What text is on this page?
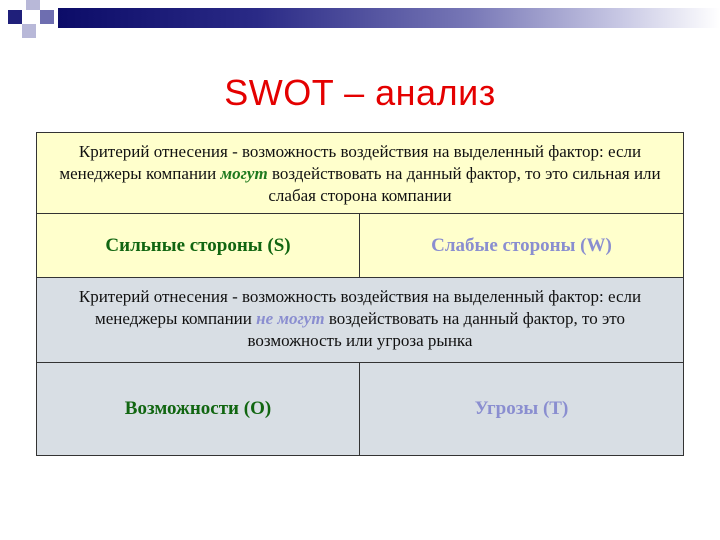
SWOT – анализ
Критерий отнесения - возможность воздействия на выделенный фактор: если менеджеры компании могут воздействовать на данный фактор, то это сильная или слабая сторона компании
Сильные стороны (S)	Слабые стороны (W)
Критерий отнесения - возможность воздействия на выделенный фактор: если менеджеры компании не могут воздействовать на данный фактор, то это возможность или угроза рынка
Возможности (O)	Угрозы (T)
